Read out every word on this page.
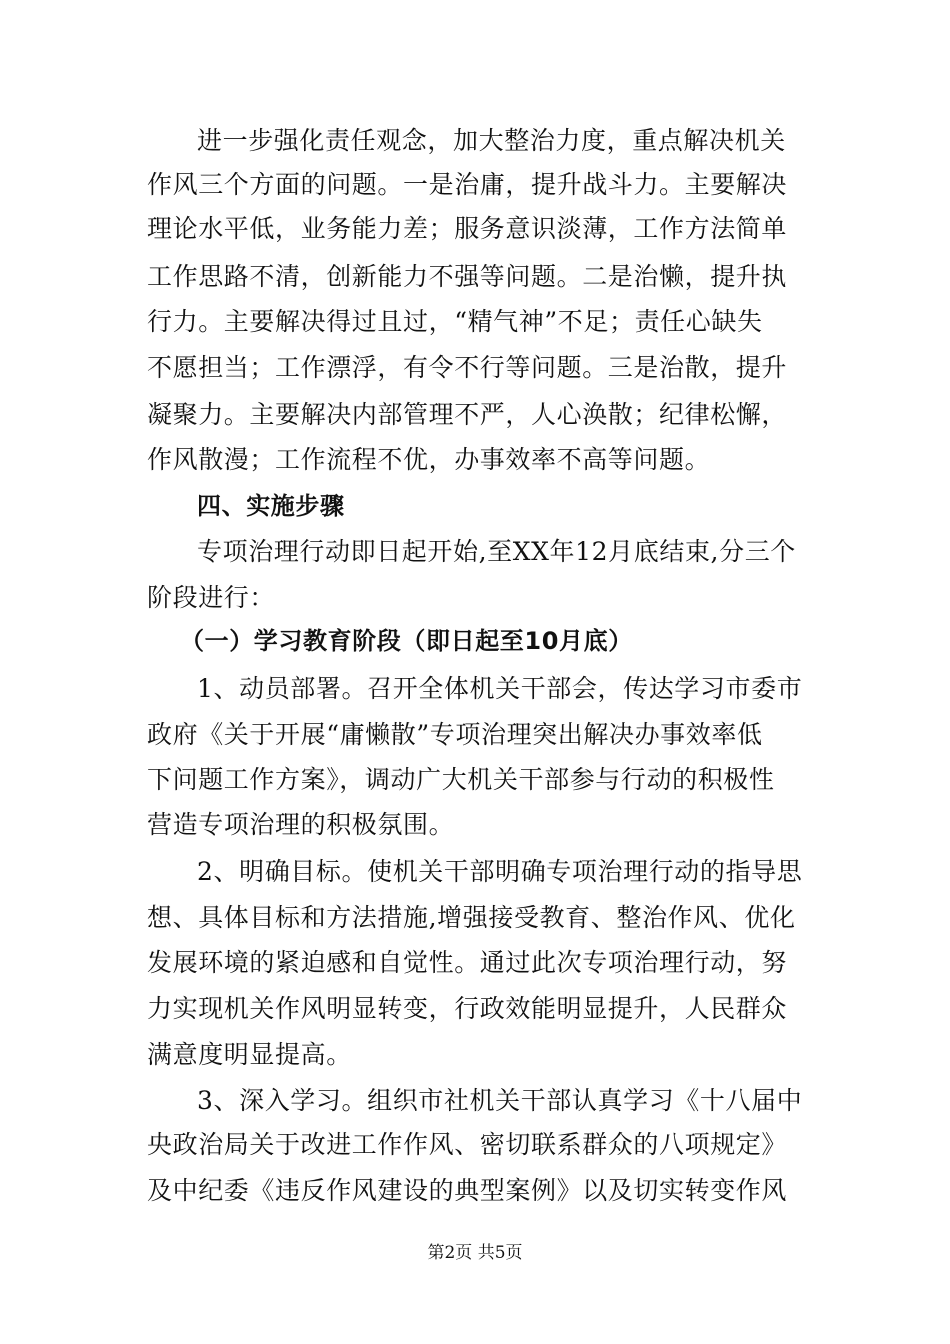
进一步强化责任观念，加大整治力度，重点解决机关
作风三个方面的问题。一是治庸，提升战斗力。主要解决
理论水平低，业务能力差；服务意识淡薄，工作方法简单
工作思路不清，创新能力不强等问题。二是治懒，提升执
行力。主要解决得过且过，“精气神”不足；责任心缺失
不愿担当；工作漂浮，有令不行等问题。三是治散，提升
凝聚力。主要解决内部管理不严，人心涣散；纪律松懈，
作风散漫；工作流程不优，办事效率不高等问题。
四、实施步骤
专项治理行动即日起开始,至XX年12月底结束,分三个
阶段进行：
（一）学习教育阶段（即日起至10月底）
1、动员部署。召开全体机关干部会，传达学习市委市
政府《关于开展“庸懒散”专项治理突出解决办事效率低
下问题工作方案》，调动广大机关干部参与行动的积极性
营造专项治理的积极氛围。
2、明确目标。使机关干部明确专项治理行动的指导思
想、具体目标和方法措施,增强接受教育、整治作风、优化
发展环境的紧迫感和自觉性。通过此次专项治理行动，努
力实现机关作风明显转变，行政效能明显提升，人民群众
满意度明显提高。
3、深入学习。组织市社机关干部认真学习《十八届中
央政治局关于改进工作作风、密切联系群众的八项规定》
及中纪委《违反作风建设的典型案例》以及切实转变作风
第2页 共5页
